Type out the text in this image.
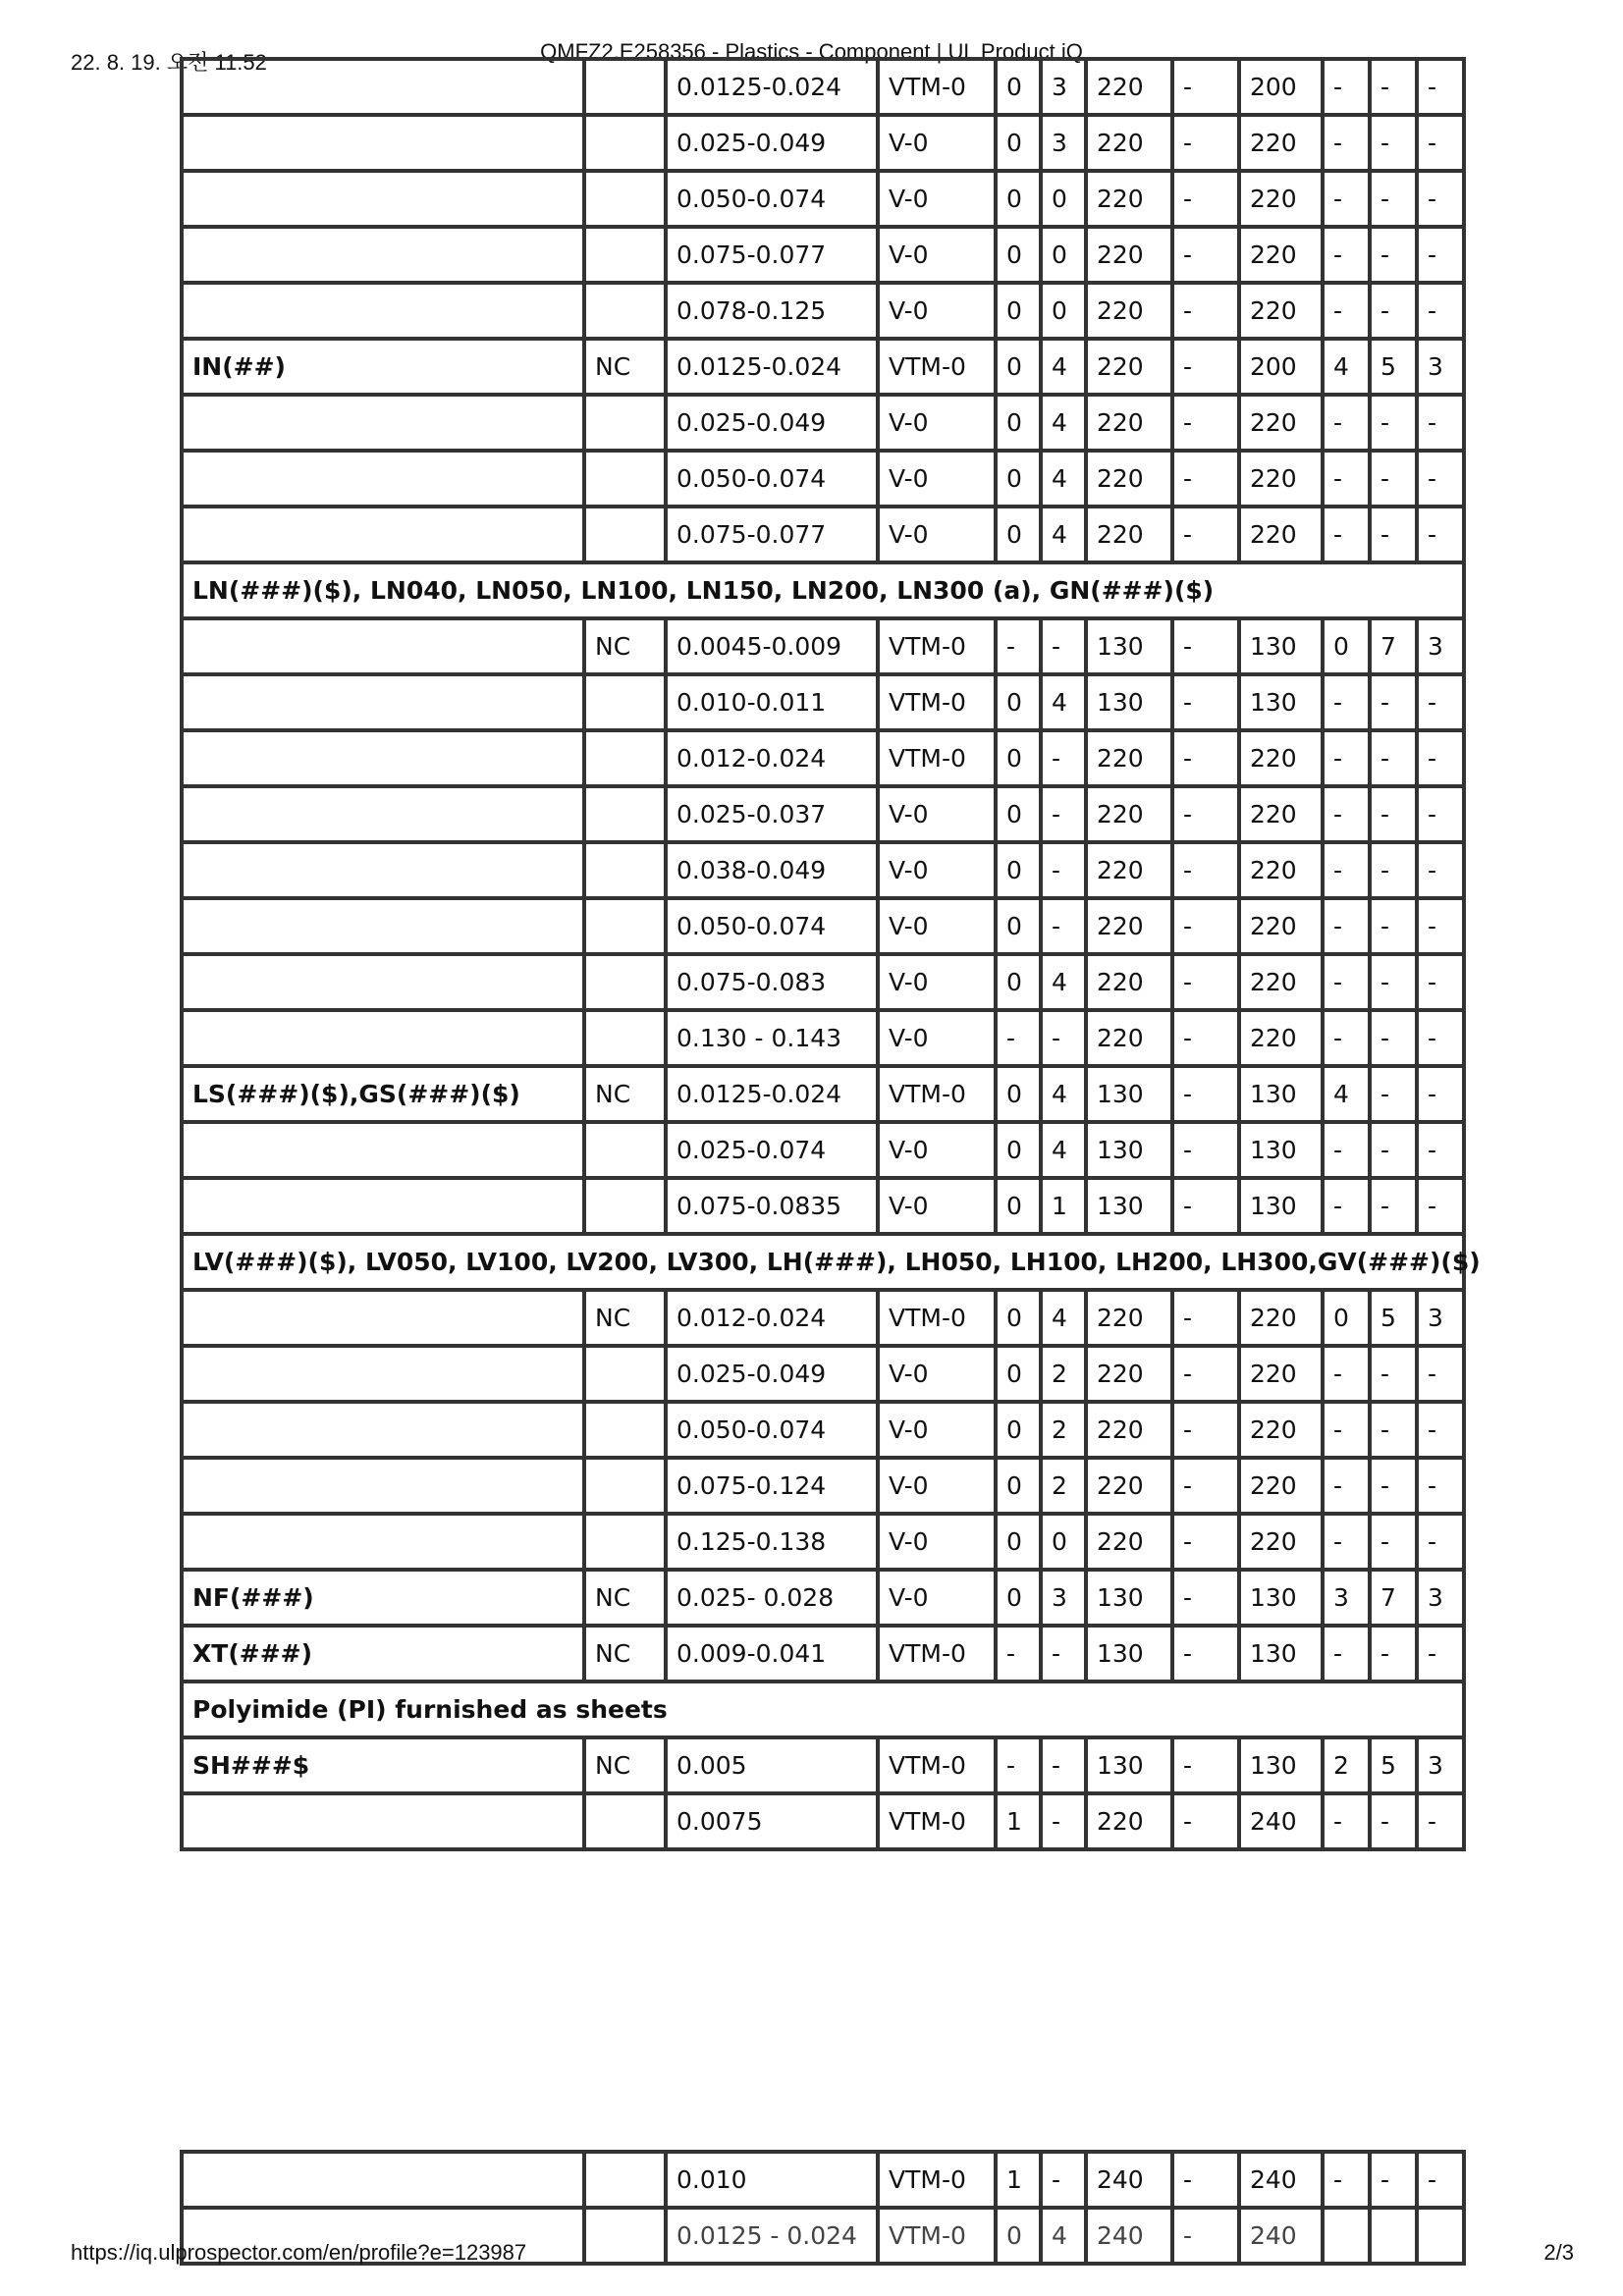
22. 8. 19. 오전 11:52	QMFZ2.E258356 - Plastics - Component | UL Product iQ
		0.0125-0.024	VTM-0	0	3	220	-	200	-	-	-
		0.025-0.049	V-0	0	3	220	-	220	-	-	-
		0.050-0.074	V-0	0	0	220	-	220	-	-	-
		0.075-0.077	V-0	0	0	220	-	220	-	-	-
		0.078-0.125	V-0	0	0	220	-	220	-	-	-
IN(##)	NC	0.0125-0.024	VTM-0	0	4	220	-	200	4	5	3
		0.025-0.049	V-0	0	4	220	-	220	-	-	-
		0.050-0.074	V-0	0	4	220	-	220	-	-	-
		0.075-0.077	V-0	0	4	220	-	220	-	-	-
LN(###)($), LN040, LN050, LN100, LN150, LN200, LN300 (a), GN(###)($)											
	NC	0.0045-0.009	VTM-0	-	-	130	-	130	0	7	3
		0.010-0.011	VTM-0	0	4	130	-	130	-	-	-
		0.012-0.024	VTM-0	0	-	220	-	220	-	-	-
		0.025-0.037	V-0	0	-	220	-	220	-	-	-
		0.038-0.049	V-0	0	-	220	-	220	-	-	-
		0.050-0.074	V-0	0	-	220	-	220	-	-	-
		0.075-0.083	V-0	0	4	220	-	220	-	-	-
		0.130 - 0.143	V-0	-	-	220	-	220	-	-	-
LS(###)($),GS(###)($)	NC	0.0125-0.024	VTM-0	0	4	130	-	130	4	-	-
		0.025-0.074	V-0	0	4	130	-	130	-	-	-
		0.075-0.0835	V-0	0	1	130	-	130	-	-	-
LV(###)($), LV050, LV100, LV200, LV300, LH(###), LH050, LH100, LH200, LH300,GV(###)($)											
	NC	0.012-0.024	VTM-0	0	4	220	-	220	0	5	3
		0.025-0.049	V-0	0	2	220	-	220	-	-	-
		0.050-0.074	V-0	0	2	220	-	220	-	-	-
		0.075-0.124	V-0	0	2	220	-	220	-	-	-
		0.125-0.138	V-0	0	0	220	-	220	-	-	-
NF(###)	NC	0.025- 0.028	V-0	0	3	130	-	130	3	7	3
XT(###)	NC	0.009-0.041	VTM-0	-	-	130	-	130	-	-	-
Polyimide (PI) furnished as sheets											
SH###$	NC	0.005	VTM-0	-	-	130	-	130	2	5	3
		0.0075	VTM-0	1	-	220	-	240	-	-	-
		0.010	VTM-0	1	-	240	-	240	-	-	-
		0.0125 - 0.024	VTM-0	0	4	240	-	240			
https://iq.ulprospector.com/en/profile?e=123987	2/3
